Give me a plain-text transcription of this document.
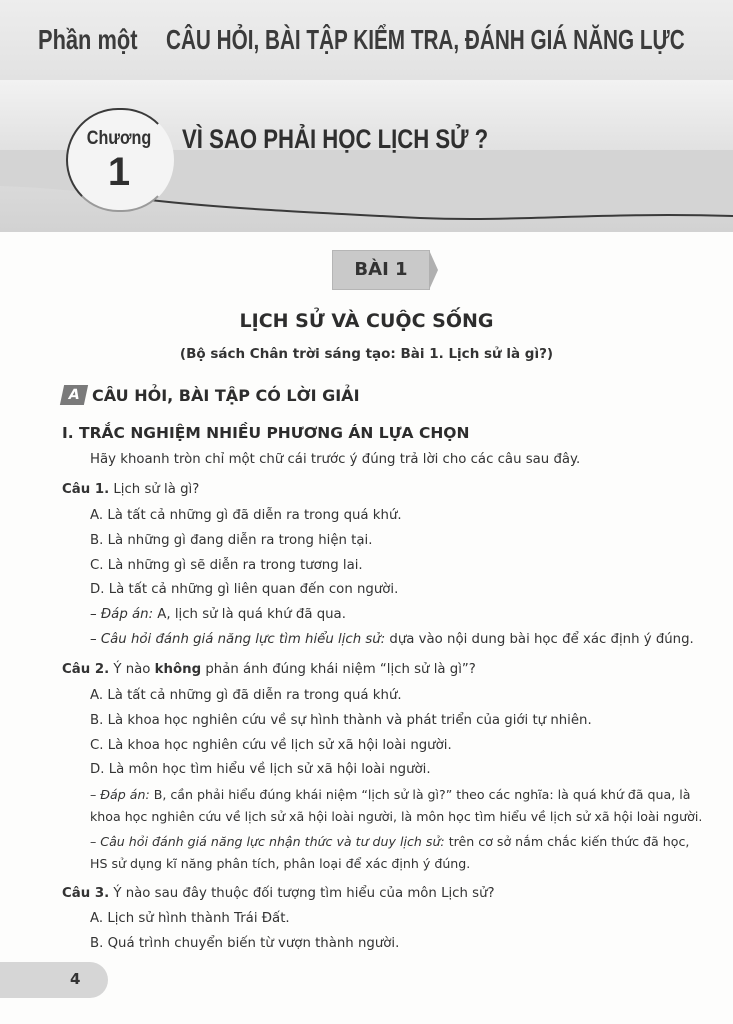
Phần một CÂU HỎI, BÀI TẬP KIỂM TRA, ĐÁNH GIÁ NĂNG LỰC
Chương
1
VÌ SAO PHẢI HỌC LỊCH SỬ ?
BÀI 1
LỊCH SỬ VÀ CUỘC SỐNG
(Bộ sách Chân trời sáng tạo: Bài 1. Lịch sử là gì?)
A CÂU HỎI, BÀI TẬP CÓ LỜI GIẢI
I. TRẮC NGHIỆM NHIỀU PHƯƠNG ÁN LỰA CHỌN
Hãy khoanh tròn chỉ một chữ cái trước ý đúng trả lời cho các câu sau đây.
Câu 1. Lịch sử là gì?
A. Là tất cả những gì đã diễn ra trong quá khứ.
B. Là những gì đang diễn ra trong hiện tại.
C. Là những gì sẽ diễn ra trong tương lai.
D. Là tất cả những gì liên quan đến con người.
– Đáp án: A, lịch sử là quá khứ đã qua.
– Câu hỏi đánh giá năng lực tìm hiểu lịch sử: dựa vào nội dung bài học để xác định ý đúng.
Câu 2. Ý nào không phản ánh đúng khái niệm “lịch sử là gì”?
A. Là tất cả những gì đã diễn ra trong quá khứ.
B. Là khoa học nghiên cứu về sự hình thành và phát triển của giới tự nhiên.
C. Là khoa học nghiên cứu về lịch sử xã hội loài người.
D. Là môn học tìm hiểu về lịch sử xã hội loài người.
– Đáp án: B, cần phải hiểu đúng khái niệm “lịch sử là gì?” theo các nghĩa: là quá khứ đã qua, là
khoa học nghiên cứu về lịch sử xã hội loài người, là môn học tìm hiểu về lịch sử xã hội loài người.
– Câu hỏi đánh giá năng lực nhận thức và tư duy lịch sử: trên cơ sở nắm chắc kiến thức đã học,
HS sử dụng kĩ năng phân tích, phân loại để xác định ý đúng.
Câu 3. Ý nào sau đây thuộc đối tượng tìm hiểu của môn Lịch sử?
A. Lịch sử hình thành Trái Đất.
B. Quá trình chuyển biến từ vượn thành người.
4
